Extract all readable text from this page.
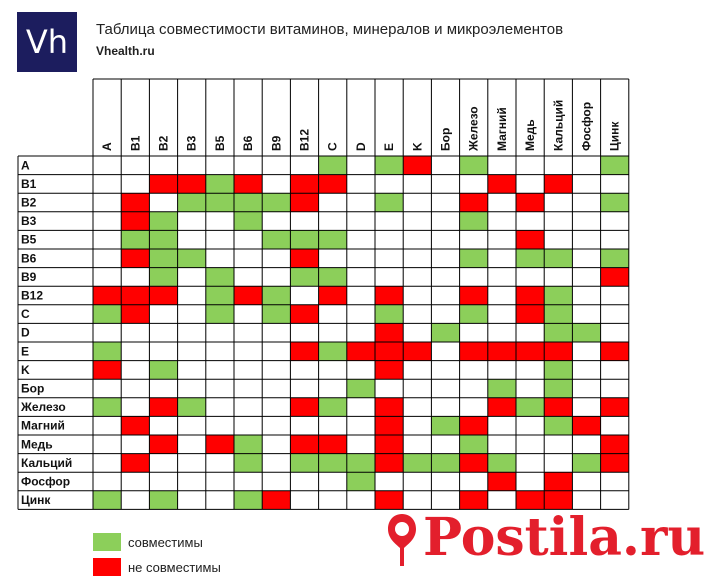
Vh	Таблица совместимости витаминов, минералов и микроэлементов
Vhealth.ru
A
B1
B2
B3
B5
B6
B9
B12
C
D
E
K
Бор
Железо
Магний
Медь
Кальций
Фосфор
Цинк
A B1 B2 B3 B5 B6 B9 B12 C D E K Бор Железо Магний Медь Кальций Фосфор Цинк
совместимы
не совместимы	Postila.ru
